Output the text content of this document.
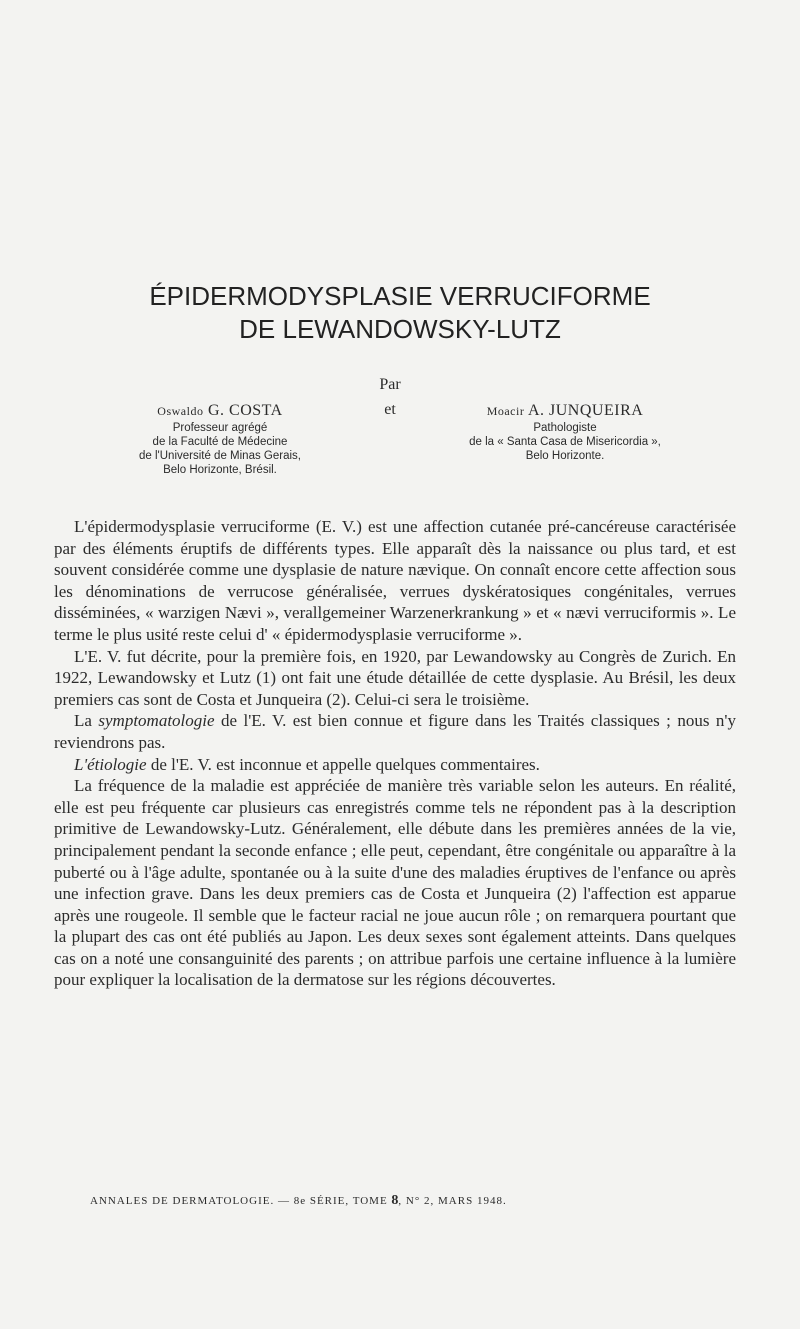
ÉPIDERMODYSPLASIE VERRUCIFORME
DE LEWANDOWSKY-LUTZ
Par
et
Oswaldo G. COSTA
Professeur agrégé
de la Faculté de Médecine
de l'Université de Minas Gerais,
Belo Horizonte, Brésil.
Moacir A. JUNQUEIRA
Pathologiste
de la « Santa Casa de Misericordia »,
Belo Horizonte.

L'épidermodysplasie verruciforme (E. V.) est une affection cutanée pré-cancéreuse caractérisée par des éléments éruptifs de différents types. Elle apparaît dès la naissance ou plus tard, et est souvent considérée comme une dysplasie de nature nævique. On connaît encore cette affection sous les dénominations de verrucose généralisée, verrues dyskératosiques congénitales, verrues disséminées, « warzigen Nævi », verallgemeiner Warzenerkrankung » et « nævi verruciformis ». Le terme le plus usité reste celui d' « épidermodysplasie verruciforme ».

L'E. V. fut décrite, pour la première fois, en 1920, par Lewandowsky au Congrès de Zurich. En 1922, Lewandowsky et Lutz (1) ont fait une étude détaillée de cette dysplasie. Au Brésil, les deux premiers cas sont de Costa et Junqueira (2). Celui-ci sera le troisième.

La symptomatologie de l'E. V. est bien connue et figure dans les Traités classiques ; nous n'y reviendrons pas.

L'étiologie de l'E. V. est inconnue et appelle quelques commentaires.

La fréquence de la maladie est appréciée de manière très variable selon les auteurs. En réalité, elle est peu fréquente car plusieurs cas enregistrés comme tels ne répondent pas à la description primitive de Lewandowsky-Lutz. Généralement, elle débute dans les premières années de la vie, principalement pendant la seconde enfance ; elle peut, cependant, être congénitale ou apparaître à la puberté ou à l'âge adulte, spontanée ou à la suite d'une des maladies éruptives de l'enfance ou après une infection grave. Dans les deux premiers cas de Costa et Junqueira (2) l'affection est apparue après une rougeole. Il semble que le facteur racial ne joue aucun rôle ; on remarquera pourtant que la plupart des cas ont été publiés au Japon. Les deux sexes sont également atteints. Dans quelques cas on a noté une consanguinité des parents ; on attribue parfois une certaine influence à la lumière pour expliquer la localisation de la dermatose sur les régions découvertes.

ANNALES DE DERMATOLOGIE. — 8e SÉRIE, TOME 8, N° 2, MARS 1948.
